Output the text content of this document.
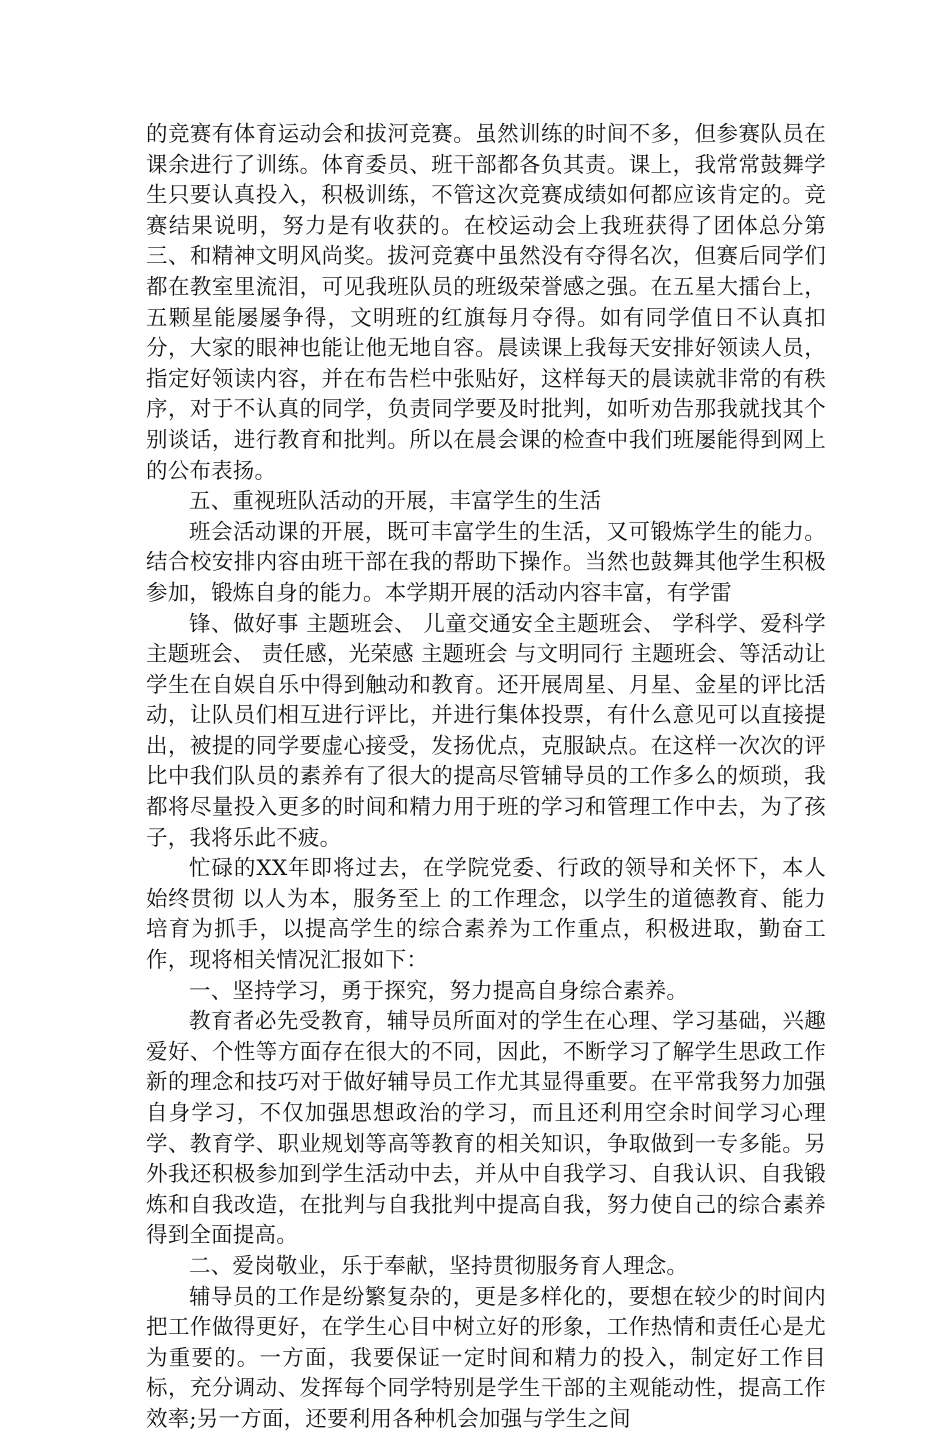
的竞赛有体育运动会和拔河竞赛。虽然训练的时间不多，但参赛队员在课余进行了训练。体育委员、班干部都各负其责。课上，我常常鼓舞学生只要认真投入，积极训练，不管这次竞赛成绩如何都应该肯定的。竞赛结果说明，努力是有收获的。在校运动会上我班获得了团体总分第三、和精神文明风尚奖。拔河竞赛中虽然没有夺得名次，但赛后同学们都在教室里流泪，可见我班队员的班级荣誉感之强。在五星大擂台上，五颗星能屡屡争得，文明班的红旗每月夺得。如有同学值日不认真扣分，大家的眼神也能让他无地自容。晨读课上我每天安排好领读人员，指定好领读内容，并在布告栏中张贴好，这样每天的晨读就非常的有秩序，对于不认真的同学，负责同学要及时批判，如听劝告那我就找其个别谈话，进行教育和批判。所以在晨会课的检查中我们班屡能得到网上的公布表扬。

五、重视班队活动的开展，丰富学生的生活

班会活动课的开展，既可丰富学生的生活，又可锻炼学生的能力。结合校安排内容由班干部在我的帮助下操作。当然也鼓舞其他学生积极参加，锻炼自身的能力。本学期开展的活动内容丰富，有学雷

锋、做好事 主题班会、 儿童交通安全主题班会、 学科学、爱科学 主题班会、 责任感，光荣感 主题班会 与文明同行 主题班会、等活动让学生在自娱自乐中得到触动和教育。还开展周星、月星、金星的评比活动，让队员们相互进行评比，并进行集体投票，有什么意见可以直接提出，被提的同学要虚心接受，发扬优点，克服缺点。在这样一次次的评比中我们队员的素养有了很大的提高尽管辅导员的工作多么的烦琐，我都将尽量投入更多的时间和精力用于班的学习和管理工作中去，为了孩子，我将乐此不疲。

忙碌的XX年即将过去，在学院党委、行政的领导和关怀下，本人始终贯彻 以人为本，服务至上 的工作理念，以学生的道德教育、能力培育为抓手，以提高学生的综合素养为工作重点，积极进取，勤奋工作，现将相关情况汇报如下：

一、坚持学习，勇于探究，努力提高自身综合素养。

教育者必先受教育，辅导员所面对的学生在心理、学习基础，兴趣爱好、个性等方面存在很大的不同，因此，不断学习了解学生思政工作新的理念和技巧对于做好辅导员工作尤其显得重要。在平常我努力加强自身学习，不仅加强思想政治的学习，而且还利用空余时间学习心理学、教育学、职业规划等高等教育的相关知识，争取做到一专多能。另外我还积极参加到学生活动中去，并从中自我学习、自我认识、自我锻炼和自我改造，在批判与自我批判中提高自我，努力使自己的综合素养得到全面提高。

二、爱岗敬业，乐于奉献，坚持贯彻服务育人理念。

辅导员的工作是纷繁复杂的，更是多样化的，要想在较少的时间内把工作做得更好，在学生心目中树立好的形象，工作热情和责任心是尤为重要的。一方面，我要保证一定时间和精力的投入，制定好工作目标，充分调动、发挥每个同学特别是学生干部的主观能动性，提高工作效率;另一方面，还要利用各种机会加强与学生之间
